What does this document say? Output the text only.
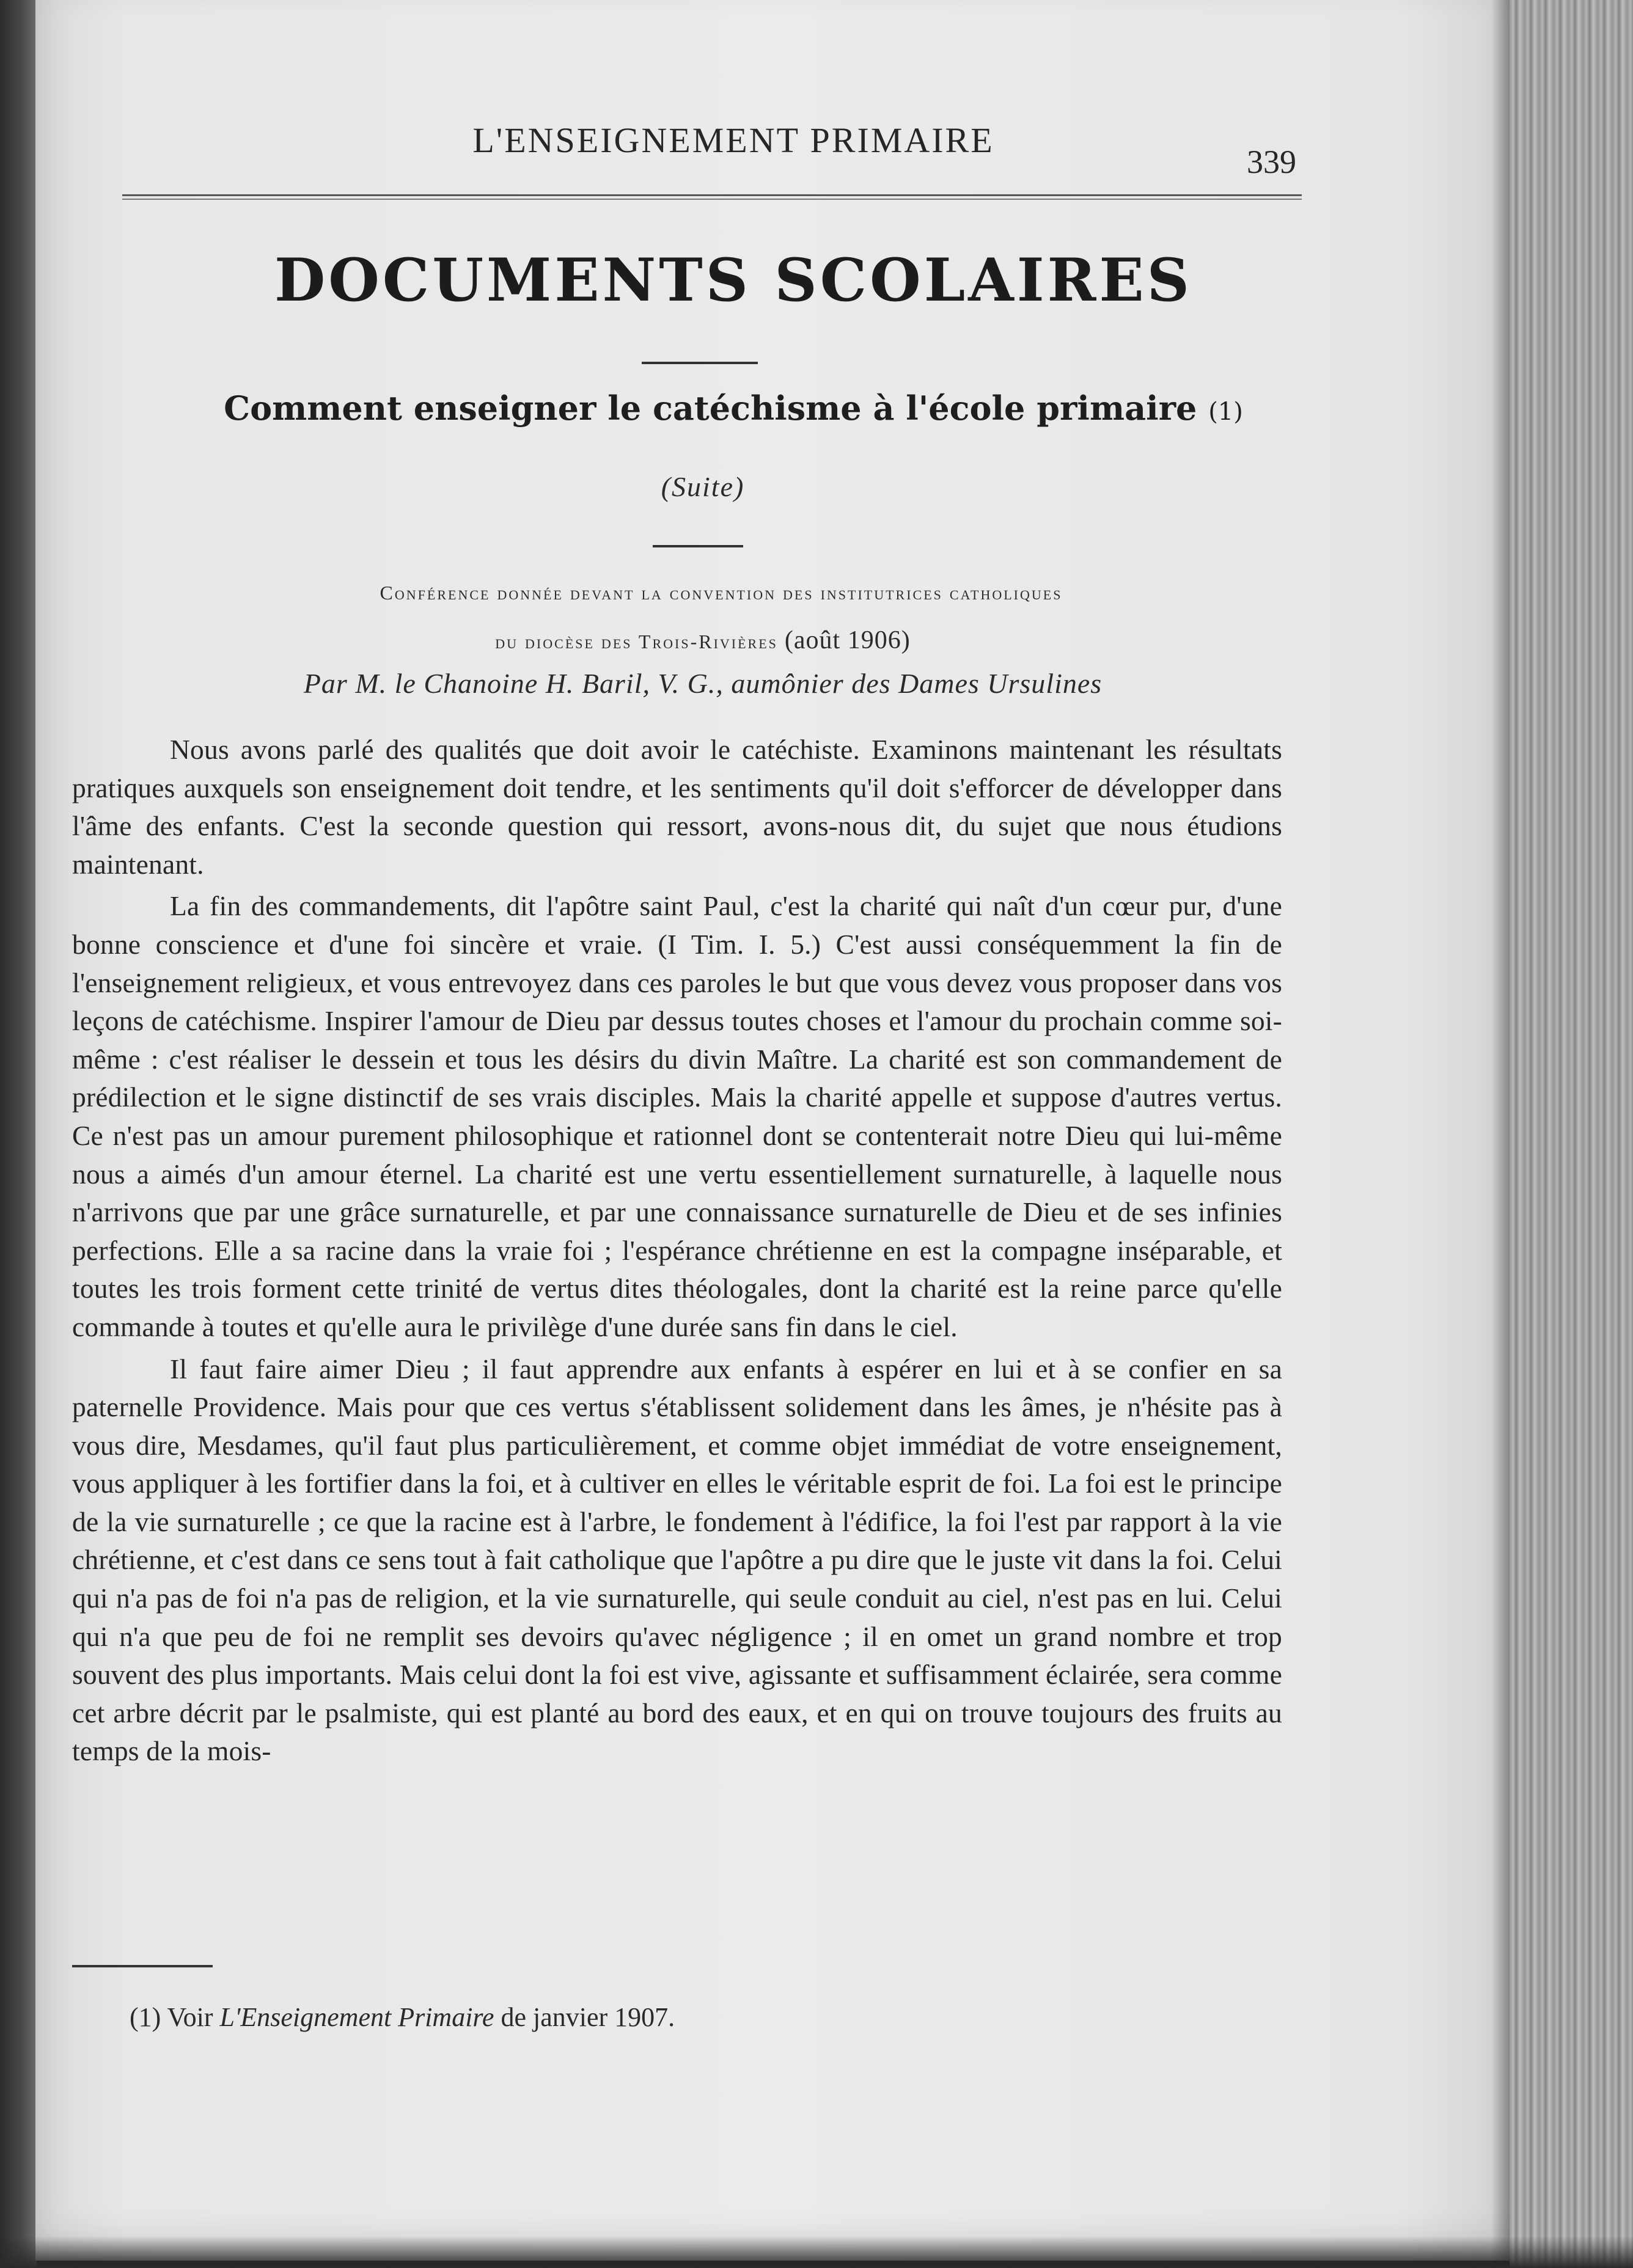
L'ENSEIGNEMENT PRIMAIRE
339
DOCUMENTS SCOLAIRES
Comment enseigner le catéchisme à l'école primaire (1)
(Suite)
Conférence donnée devant la convention des institutrices catholiques
du diocèse des Trois-Rivières (août 1906)
Par M. le Chanoine H. Baril, V. G., aumônier des Dames Ursulines

Nous avons parlé des qualités que doit avoir le catéchiste. Examinons maintenant les résultats pratiques auxquels son enseignement doit tendre, et les sentiments qu'il doit s'efforcer de développer dans l'âme des enfants. C'est la seconde question qui ressort, avons-nous dit, du sujet que nous étudions maintenant.

La fin des commandements, dit l'apôtre saint Paul, c'est la charité qui naît d'un cœur pur, d'une bonne conscience et d'une foi sincère et vraie. (I Tim. I. 5.) C'est aussi conséquemment la fin de l'enseignement religieux, et vous entrevoyez dans ces paroles le but que vous devez vous proposer dans vos leçons de catéchisme. Inspirer l'amour de Dieu par dessus toutes choses et l'amour du prochain comme soi-même : c'est réaliser le dessein et tous les désirs du divin Maître. La charité est son commandement de prédilection et le signe distinctif de ses vrais disciples. Mais la charité appelle et suppose d'autres vertus. Ce n'est pas un amour purement philosophique et rationnel dont se contenterait notre Dieu qui lui-même nous a aimés d'un amour éternel. La charité est une vertu essentiellement surnaturelle, à laquelle nous n'arrivons que par une grâce surnaturelle, et par une connaissance surnaturelle de Dieu et de ses infinies perfections. Elle a sa racine dans la vraie foi ; l'espérance chrétienne en est la compagne inséparable, et toutes les trois forment cette trinité de vertus dites théologales, dont la charité est la reine parce qu'elle commande à toutes et qu'elle aura le privilège d'une durée sans fin dans le ciel.

Il faut faire aimer Dieu ; il faut apprendre aux enfants à espérer en lui et à se confier en sa paternelle Providence. Mais pour que ces vertus s'établissent solidement dans les âmes, je n'hésite pas à vous dire, Mesdames, qu'il faut plus particulièrement, et comme objet immédiat de votre enseignement, vous appliquer à les fortifier dans la foi, et à cultiver en elles le véritable esprit de foi. La foi est le principe de la vie surnaturelle ; ce que la racine est à l'arbre, le fondement à l'édifice, la foi l'est par rapport à la vie chrétienne, et c'est dans ce sens tout à fait catholique que l'apôtre a pu dire que le juste vit dans la foi. Celui qui n'a pas de foi n'a pas de religion, et la vie surnaturelle, qui seule conduit au ciel, n'est pas en lui. Celui qui n'a que peu de foi ne remplit ses devoirs qu'avec négligence ; il en omet un grand nombre et trop souvent des plus importants. Mais celui dont la foi est vive, agissante et suffisamment éclairée, sera comme cet arbre décrit par le psalmiste, qui est planté au bord des eaux, et en qui on trouve toujours des fruits au temps de la mois-

(1) Voir L'Enseignement Primaire de janvier 1907.
